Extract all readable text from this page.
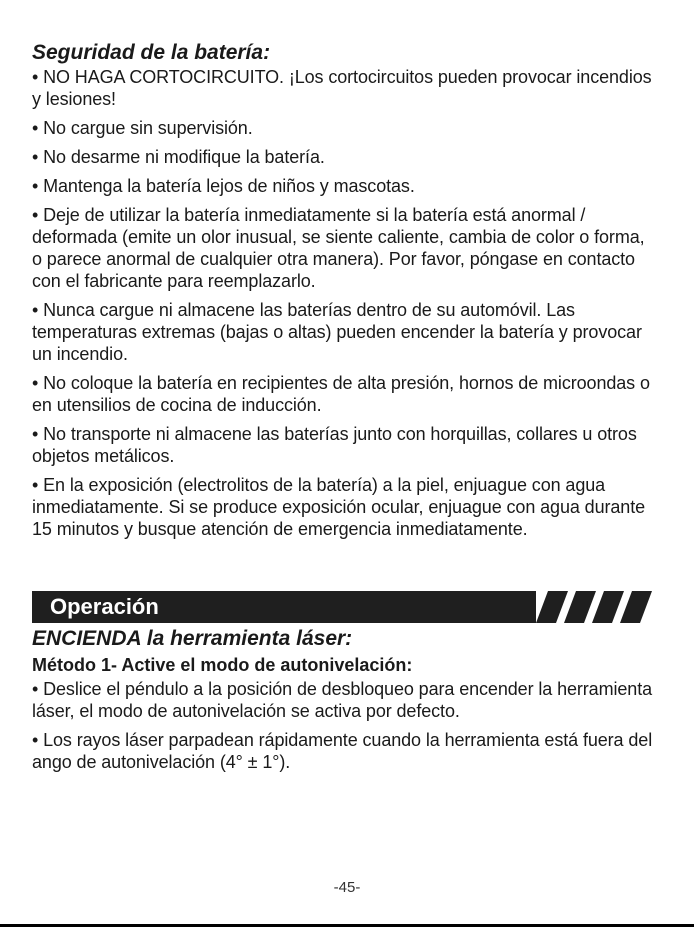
Seguridad de la batería:

• NO HAGA CORTOCIRCUITO. ¡Los cortocircuitos pueden provocar incendios y lesiones!

• No cargue sin supervisión.

• No desarme ni modifique la batería.

• Mantenga la batería lejos de niños y mascotas.

• Deje de utilizar la batería inmediatamente si la batería está anormal / deformada (emite un olor inusual, se siente caliente, cambia de color o forma, o parece anormal de cualquier otra manera). Por favor, póngase en contacto con el fabricante para reemplazarlo.

• Nunca cargue ni almacene las baterías dentro de su automóvil. Las temperaturas extremas (bajas o altas) pueden encender la batería y provocar un incendio.

• No coloque la batería en recipientes de alta presión, hornos de microondas o en utensilios de cocina de inducción.

• No transporte ni almacene las baterías junto con horquillas, collares u otros objetos metálicos.

• En la exposición (electrolitos de la batería) a la piel, enjuague con agua inmediatamente. Si se produce exposición ocular, enjuague con agua durante 15 minutos y busque atención de emergencia inmediatamente.

Operación
ENCIENDA la herramienta láser:

Método 1- Active el modo de autonivelación:

• Deslice el péndulo a la posición de desbloqueo para encender la herramienta láser, el modo de autonivelación se activa por defecto.

• Los rayos láser parpadean rápidamente cuando la herramienta está fuera del ango de autonivelación (4° ± 1°).

-45-
